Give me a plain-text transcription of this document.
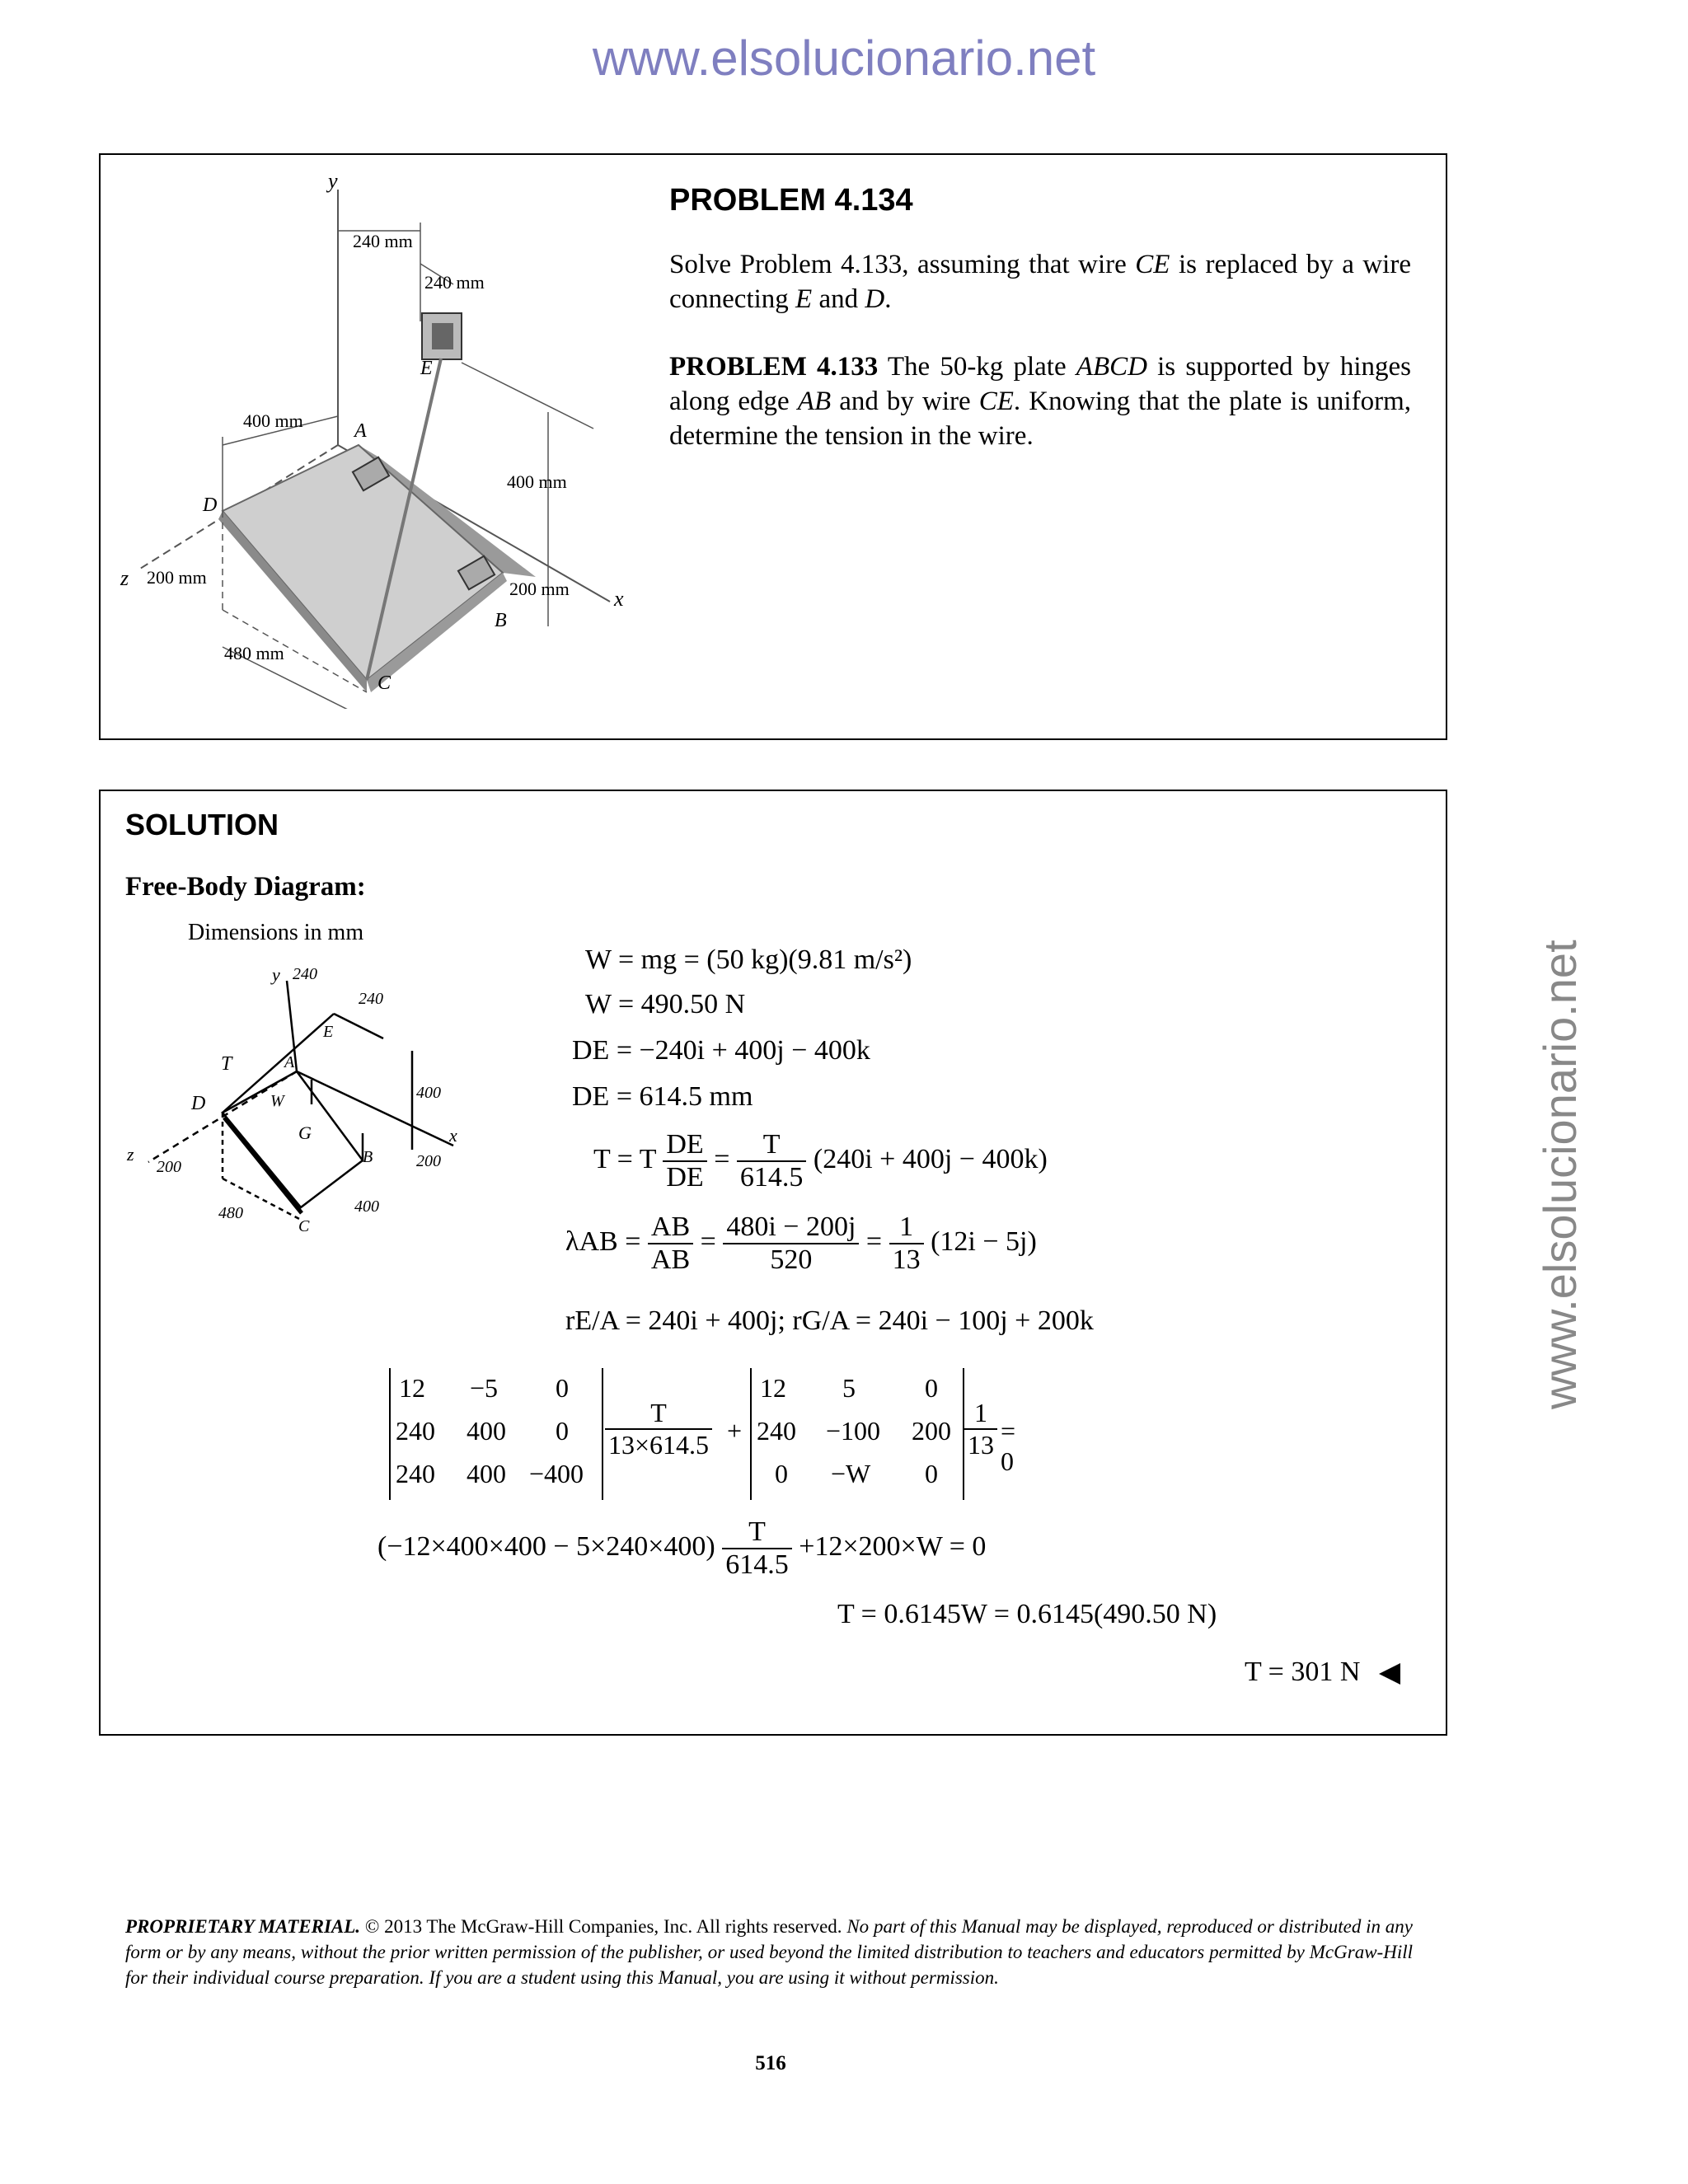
www.elsolucionario.net
www.elsolucionario.net
y
x
z
A
B
C
D
E
240 mm
240 mm
400 mm
400 mm
200 mm
200 mm
480 mm
PROBLEM 4.134
Solve Problem 4.133, assuming that wire CE is replaced by a wire connecting E and D.
PROBLEM 4.133 The 50-kg plate ABCD is supported by hinges along edge AB and by wire CE. Knowing that the plate is uniform, determine the tension in the wire.
SOLUTION
Free-Body Diagram:
Dimensions in mm
y 240
240
E
T	A
D	W
G
B
C
z
x
400
200	200
400
480
W = mg = (50 kg)(9.81 m/s²)
W = 490.50 N
DE = −240i + 400j − 400k
DE = 614.5 mm
T = T $\frac{DE}{DE} = \frac{T}{614.5} (240i + 400j - 400k)$
$\lambda AB = \frac{AB}{AB} = \frac{480i - 200j}{520} = \frac{1}{13} (12i - 5j)$
rE/A = 240i + 400j; rG/A = 240i − 100j + 200k
12 −5 0
240 400 0
240 400 −400
$\frac{T}{13\times 614.5}$ +
12 5	0
240 −100 200
0 −W 0
$\frac{1}{13} = 0$
$(-12\times 400\times 400 - 5\times 240\times 400) \frac{T}{614.5} +12\times 200\times W = 0$
T = 0.6145W = 0.6145(490.50 N)
T = 301 N
PROPRIETARY MATERIAL. © 2013 The McGraw-Hill Companies, Inc. All rights reserved. No part of this Manual may be displayed, reproduced or distributed in any form or by any means, without the prior written permission of the publisher, or used beyond the limited distribution to teachers and educators permitted by McGraw-Hill for their individual course preparation. If you are a student using this Manual, you are using it without permission.
516
